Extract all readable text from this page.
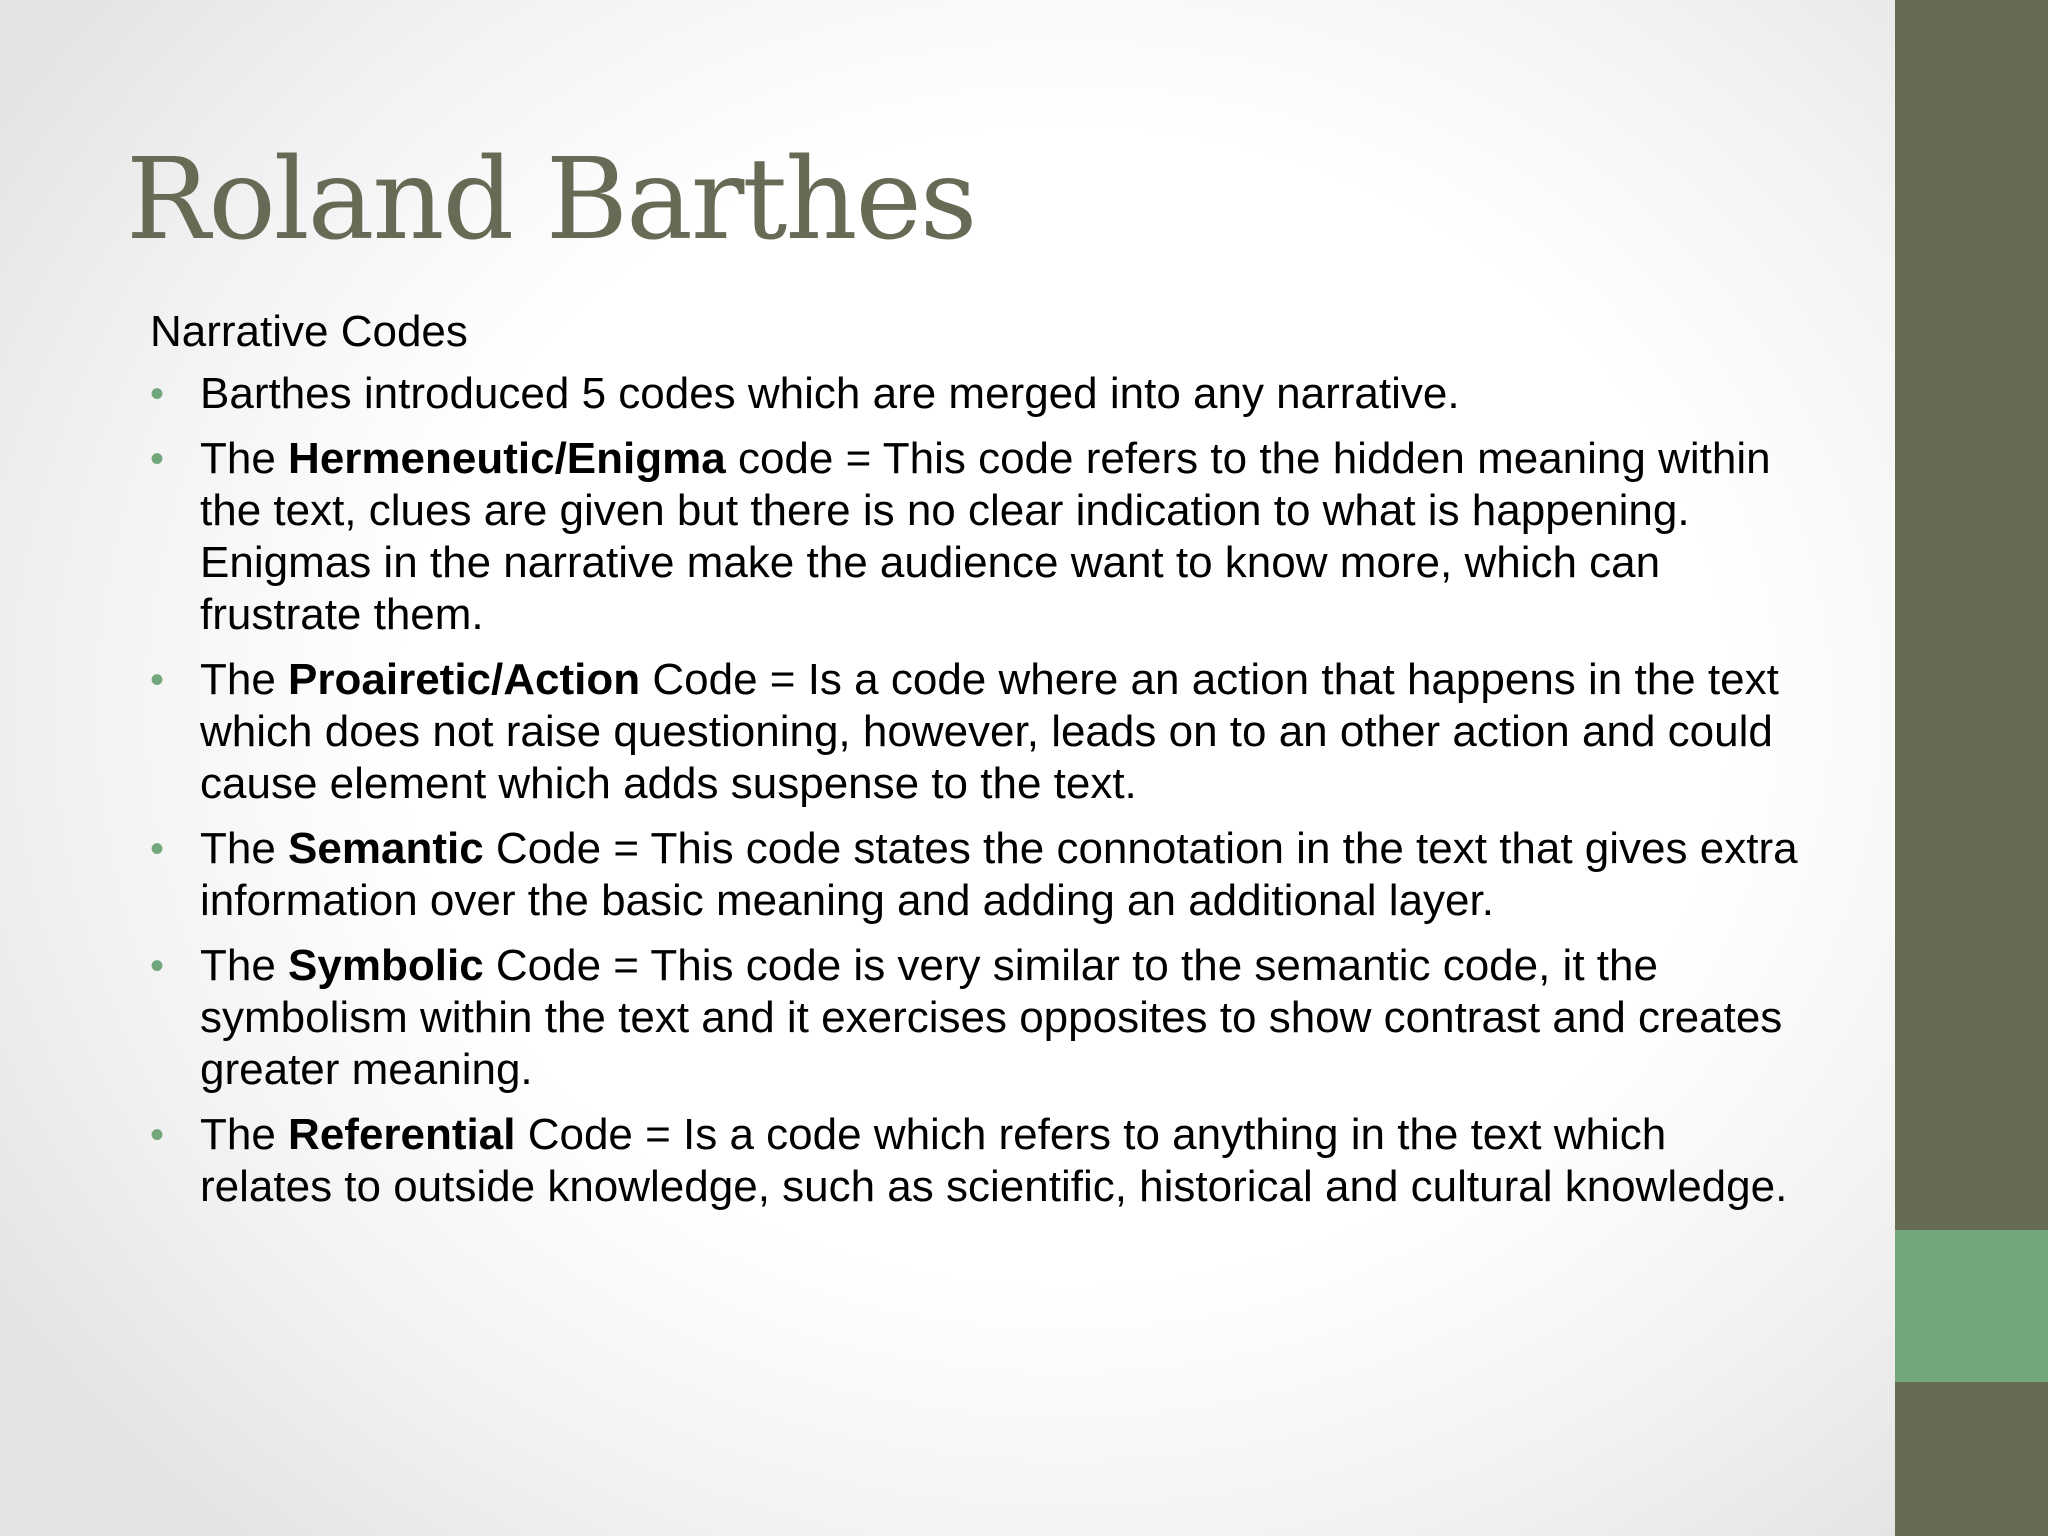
Roland Barthes
Narrative Codes
• Barthes introduced 5 codes which are merged into any narrative.
• The Hermeneutic/Enigma code = This code refers to the hidden meaning within the text, clues are given but there is no clear indication to what is happening. Enigmas in the narrative make the audience want to know more, which can frustrate them.
• The Proairetic/Action Code = Is a code where an action that happens in the text which does not raise questioning, however, leads on to an other action and could cause element which adds suspense to the text.
• The Semantic Code = This code states the connotation in the text that gives extra information over the basic meaning and adding an additional layer.
• The Symbolic Code = This code is very similar to the semantic code, it the symbolism within the text and it exercises opposites to show contrast and creates greater meaning.
• The Referential Code = Is a code which refers to anything in the text which relates to outside knowledge, such as scientific, historical and cultural knowledge.
